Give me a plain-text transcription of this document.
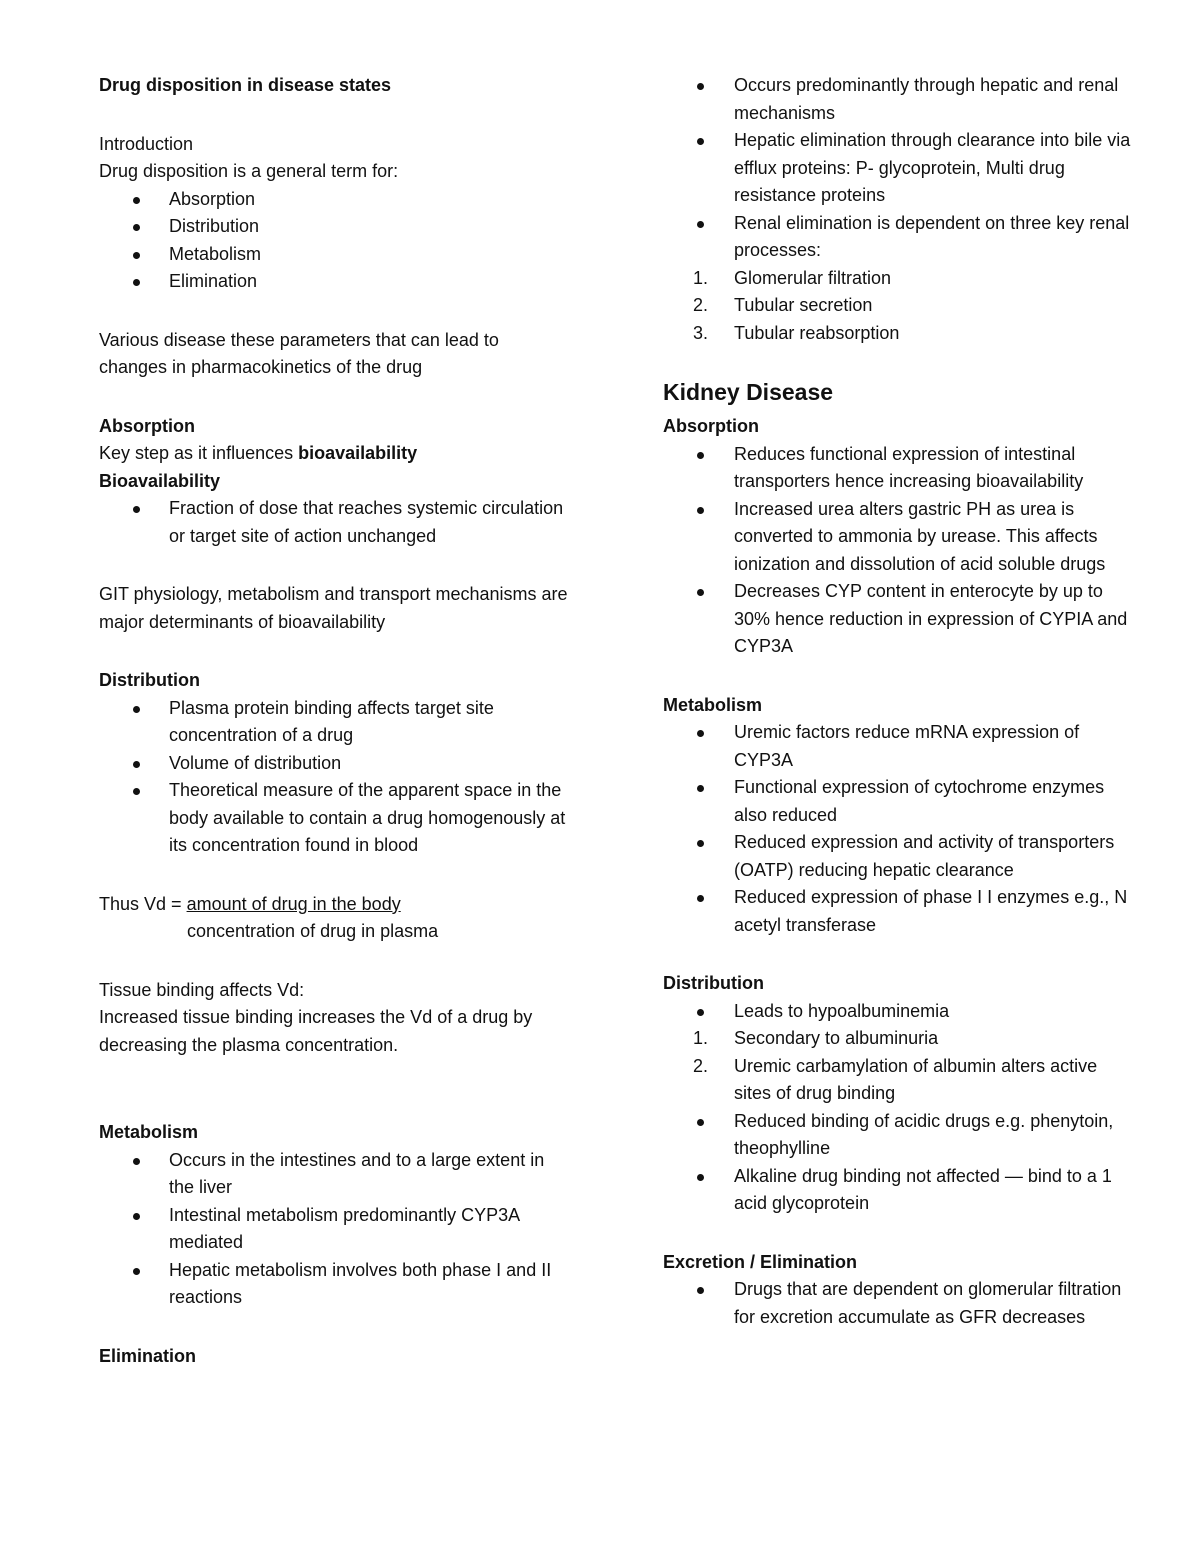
Drug disposition in disease states

Introduction

Drug disposition is a general term for:

Absorption
Distribution
Metabolism
Elimination

Various disease these parameters that can lead to changes in pharmacokinetics of the drug

Absorption

Key step as it influences bioavailability

Bioavailability

Fraction of dose that reaches systemic circulation or target site of action unchanged

GIT physiology, metabolism and transport mechanisms are major determinants of bioavailability

Distribution

Plasma protein binding affects target site concentration of a drug
Volume of distribution
Theoretical measure of the apparent space in the body available to contain a drug homogenously at its concentration found in blood

Thus Vd = amount of drug in the body

concentration of drug in plasma

Tissue binding affects Vd:

Increased tissue binding increases the Vd of a drug by decreasing the plasma concentration.

Metabolism

Occurs in the intestines and to a large extent in the liver
Intestinal metabolism predominantly CYP3A mediated
Hepatic metabolism involves both phase I and II reactions

Elimination

Occurs predominantly through hepatic and renal mechanisms
Hepatic elimination through clearance into bile via efflux proteins: P- glycoprotein, Multi drug resistance proteins
Renal elimination is dependent on three key renal processes:
1.	Glomerular filtration
2.	Tubular secretion
3.	Tubular reabsorption

Kidney Disease

Absorption

Reduces functional expression of intestinal transporters hence increasing bioavailability
Increased urea alters gastric PH as urea is converted to ammonia by urease. This affects ionization and dissolution of acid soluble drugs
Decreases CYP content in enterocyte by up to 30% hence reduction in expression of CYPIA and CYP3A

Metabolism

Uremic factors reduce mRNA expression of CYP3A
Functional expression of cytochrome enzymes also reduced
Reduced expression and activity of transporters (OATP) reducing hepatic clearance
Reduced expression of phase I I enzymes e.g., N acetyl transferase

Distribution

Leads to hypoalbuminemia
1.	Secondary to albuminuria
2.	Uremic carbamylation of albumin alters active sites of drug binding
Reduced binding of acidic drugs e.g. phenytoin, theophylline
Alkaline drug binding not affected — bind to a 1 acid glycoprotein

Excretion / Elimination

Drugs that are dependent on glomerular filtration for excretion accumulate as GFR decreases
